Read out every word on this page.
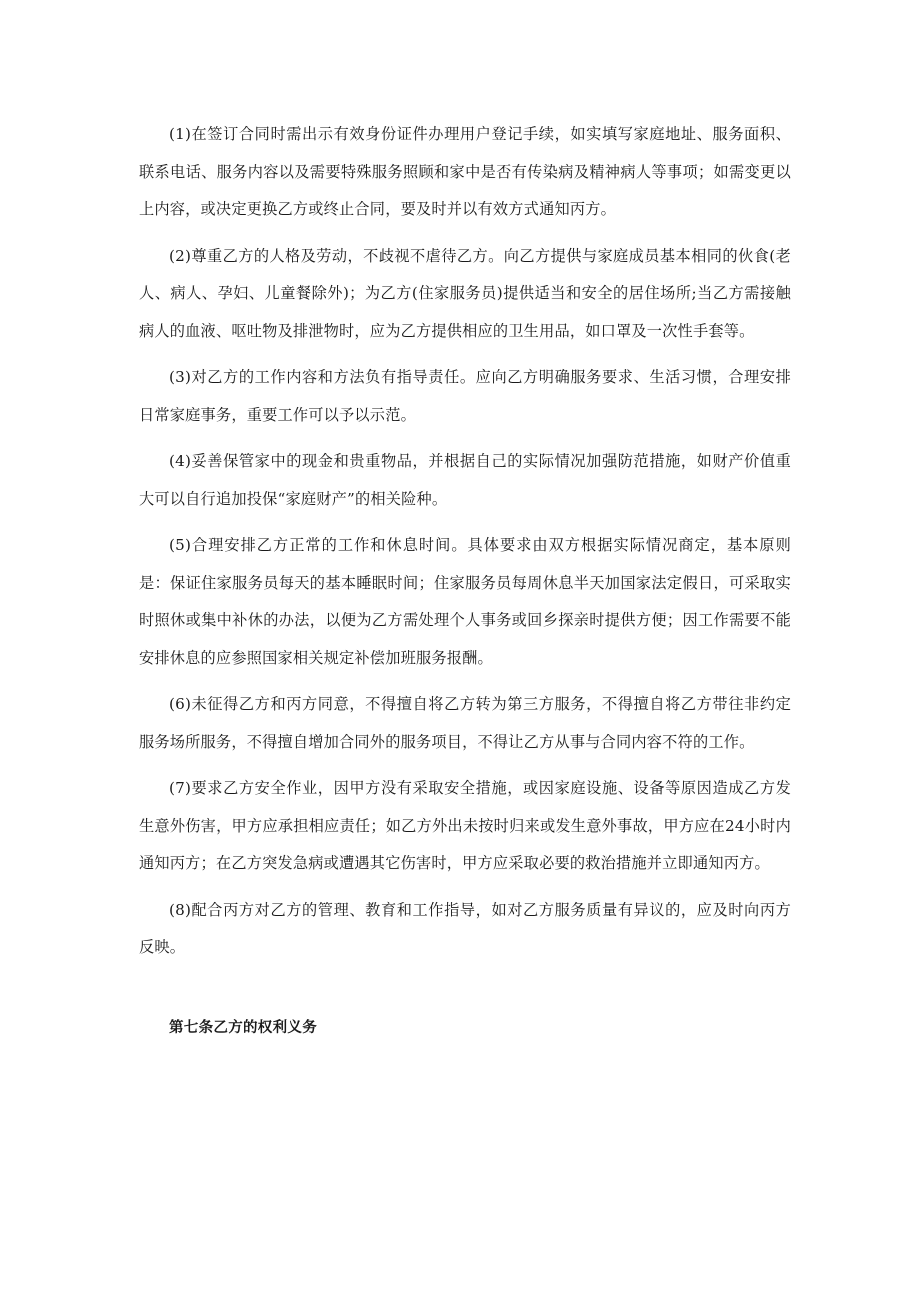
(1)在签订合同时需出示有效身份证件办理用户登记手续，如实填写家庭地址、服务面积、联系电话、服务内容以及需要特殊服务照顾和家中是否有传染病及精神病人等事项；如需变更以上内容，或决定更换乙方或终止合同，要及时并以有效方式通知丙方。

(2)尊重乙方的人格及劳动，不歧视不虐待乙方。向乙方提供与家庭成员基本相同的伙食(老人、病人、孕妇、儿童餐除外)；为乙方(住家服务员)提供适当和安全的居住场所;当乙方需接触病人的血液、呕吐物及排泄物时，应为乙方提供相应的卫生用品，如口罩及一次性手套等。

(3)对乙方的工作内容和方法负有指导责任。应向乙方明确服务要求、生活习惯，合理安排日常家庭事务，重要工作可以予以示范。

(4)妥善保管家中的现金和贵重物品，并根据自己的实际情况加强防范措施，如财产价值重大可以自行追加投保“家庭财产”的相关险种。

(5)合理安排乙方正常的工作和休息时间。具体要求由双方根据实际情况商定，基本原则是：保证住家服务员每天的基本睡眠时间；住家服务员每周休息半天加国家法定假日，可采取实时照休或集中补休的办法，以便为乙方需处理个人事务或回乡探亲时提供方便；因工作需要不能安排休息的应参照国家相关规定补偿加班服务报酬。

(6)未征得乙方和丙方同意，不得擅自将乙方转为第三方服务，不得擅自将乙方带往非约定服务场所服务，不得擅自增加合同外的服务项目，不得让乙方从事与合同内容不符的工作。

(7)要求乙方安全作业，因甲方没有采取安全措施，或因家庭设施、设备等原因造成乙方发生意外伤害，甲方应承担相应责任；如乙方外出未按时归来或发生意外事故，甲方应在24小时内通知丙方；在乙方突发急病或遭遇其它伤害时，甲方应采取必要的救治措施并立即通知丙方。

(8)配合丙方对乙方的管理、教育和工作指导，如对乙方服务质量有异议的，应及时向丙方反映。

第七条乙方的权利义务
